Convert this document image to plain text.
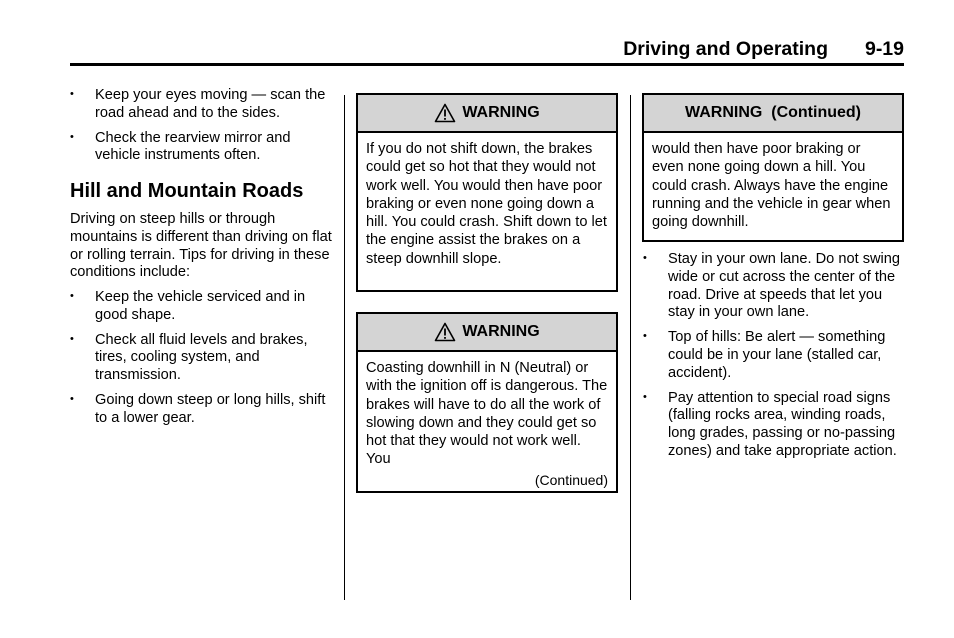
Driving and Operating 9-19
• Keep your eyes moving — scan the road ahead and to the sides.
• Check the rearview mirror and vehicle instruments often.
Hill and Mountain Roads

Driving on steep hills or through mountains is different than driving on flat or rolling terrain. Tips for driving in these conditions include:

• Keep the vehicle serviced and in good shape.
• Check all fluid levels and brakes, tires, cooling system, and transmission.
• Going down steep or long hills, shift to a lower gear.
WARNING
If you do not shift down, the brakes could get so hot that they would not work well. You would then have poor braking or even none going down a hill. You could crash. Shift down to let the engine assist the brakes on a steep downhill slope.
WARNING
Coasting downhill in N (Neutral) or with the ignition off is dangerous. The brakes will have to do all the work of slowing down and they could get so hot that they would not work well. You
(Continued)
WARNING  (Continued)
would then have poor braking or even none going down a hill. You could crash. Always have the engine running and the vehicle in gear when going downhill.
• Stay in your own lane. Do not swing wide or cut across the center of the road. Drive at speeds that let you stay in your own lane.
• Top of hills: Be alert — something could be in your lane (stalled car, accident).
• Pay attention to special road signs (falling rocks area, winding roads, long grades, passing or no-passing zones) and take appropriate action.
